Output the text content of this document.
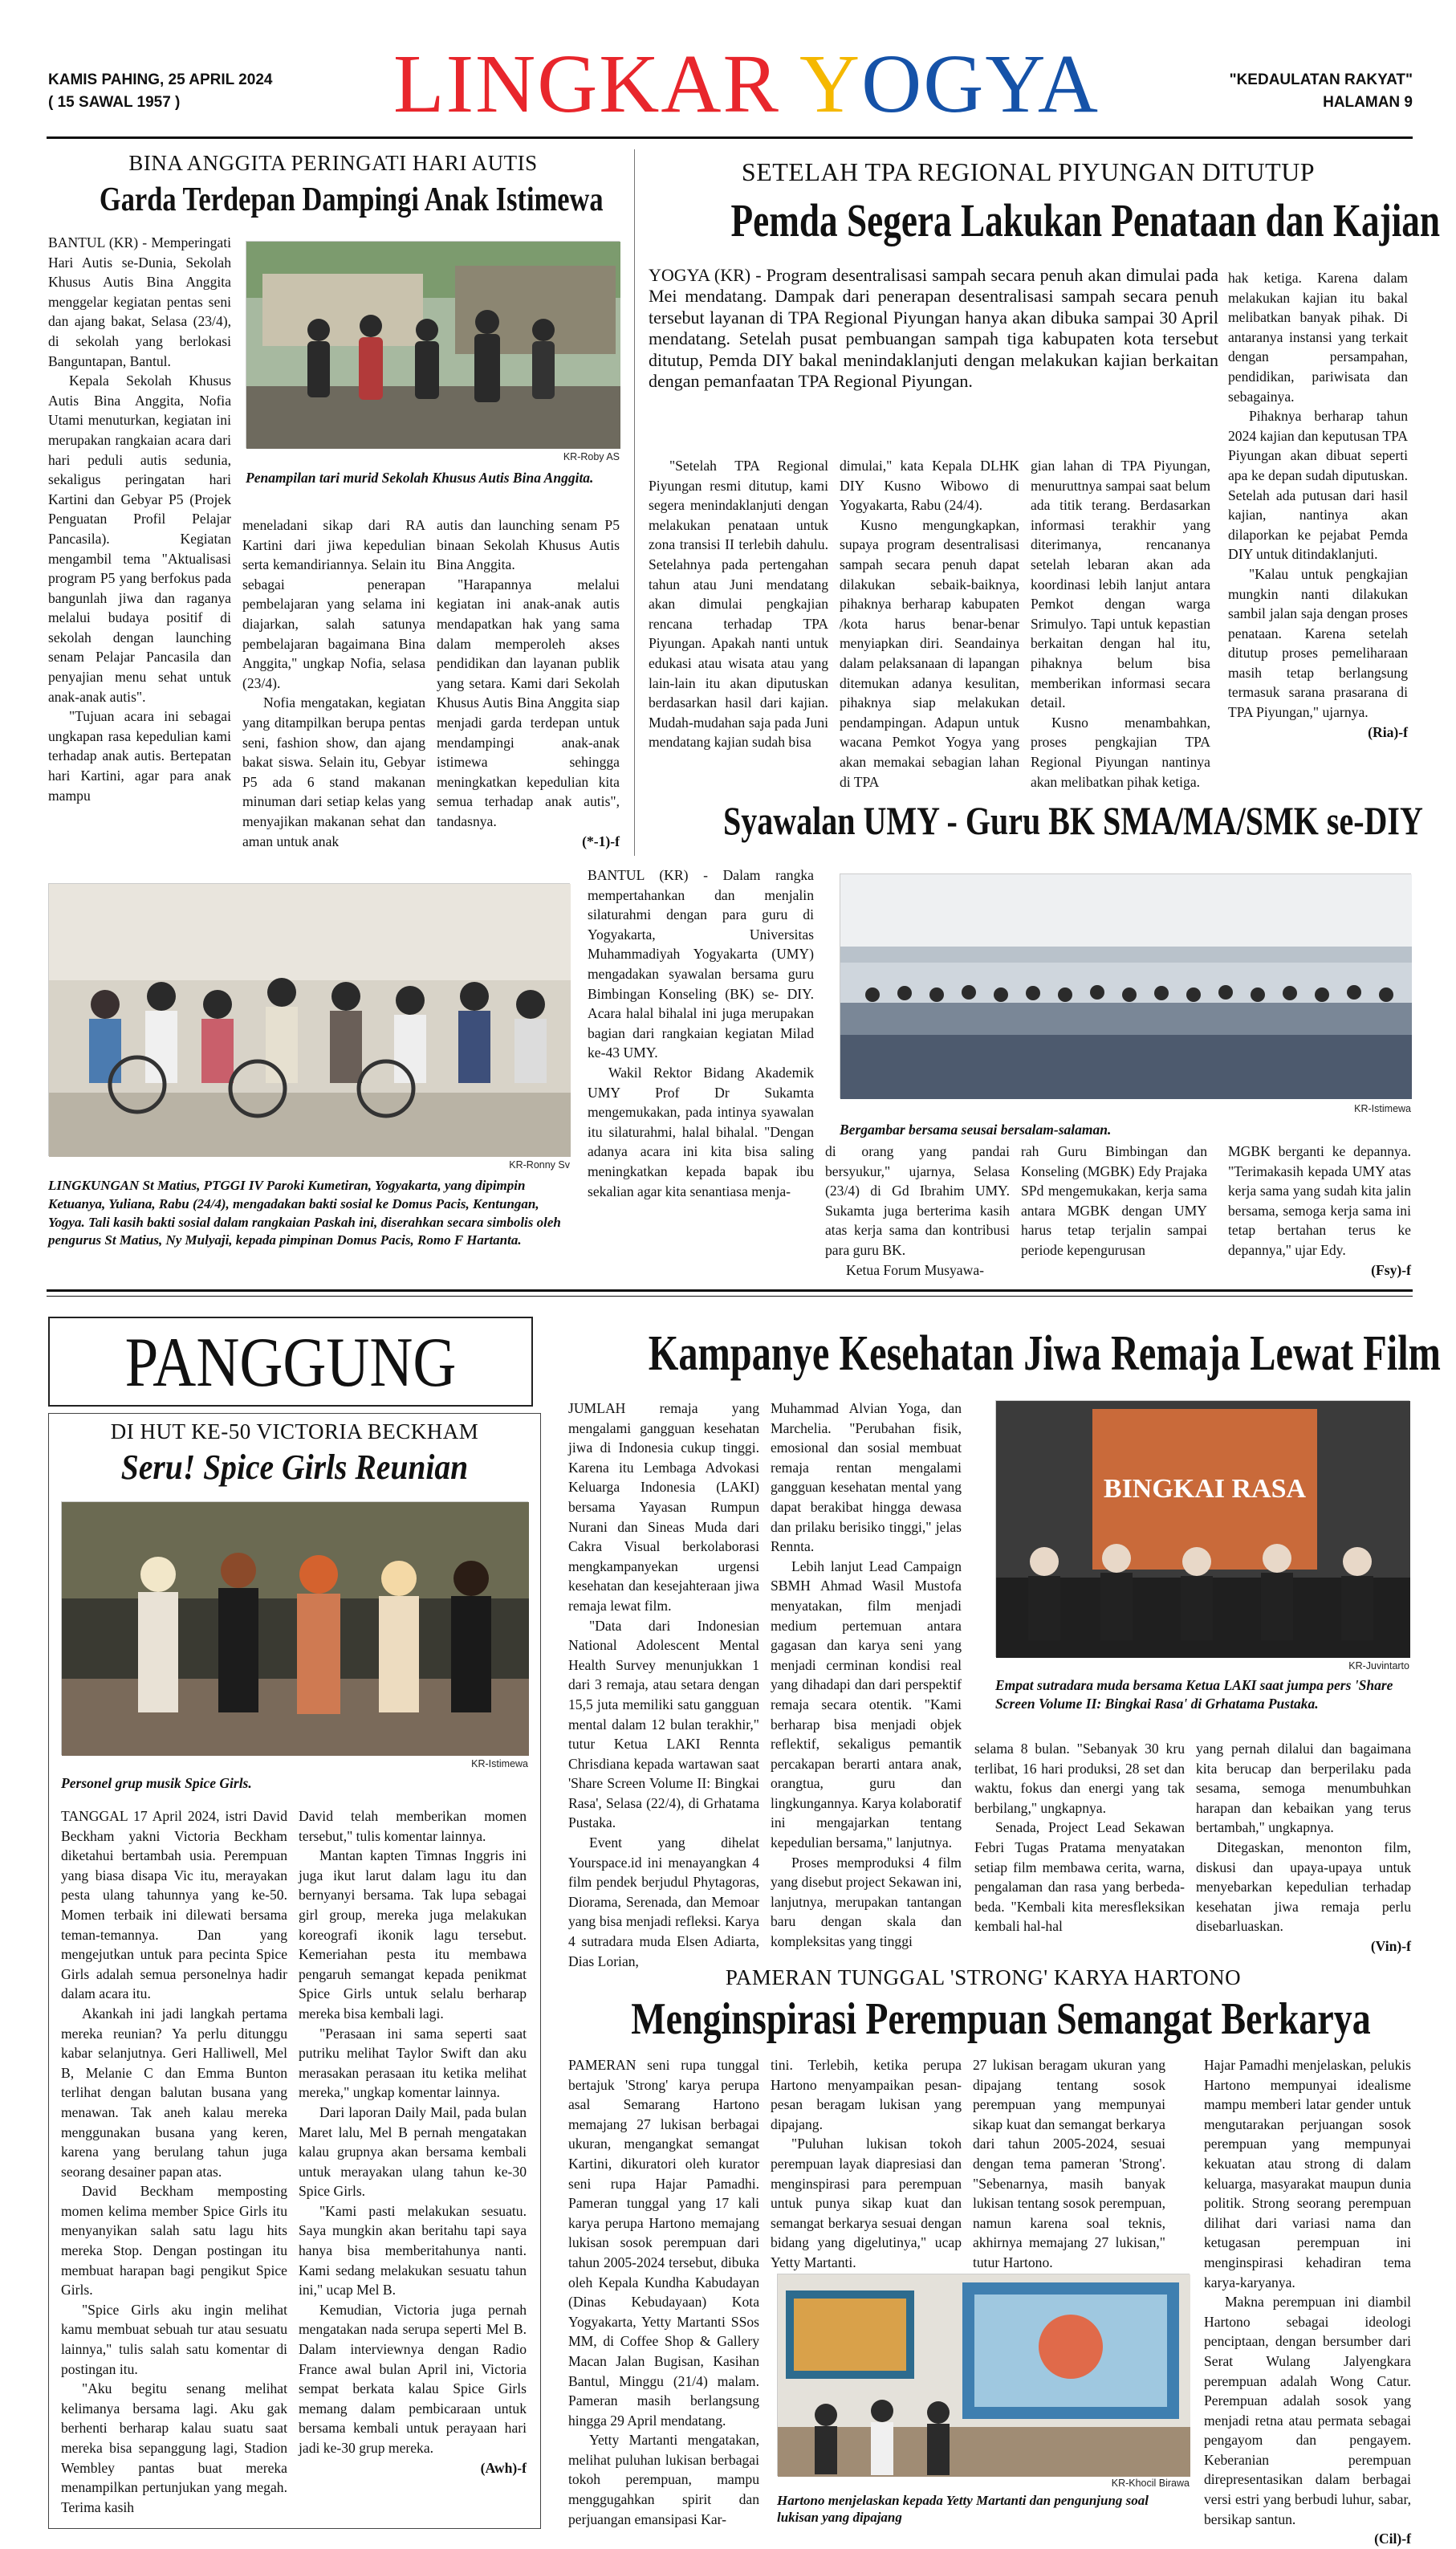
KAMIS PAHING, 25 APRIL 2024
( 15 SAWAL 1957 )	LINGKAR YOGYA	"KEDAULATAN RAKYAT"
HALAMAN 9
BINA ANGGITA PERINGATI HARI AUTIS
Garda Terdepan Dampingi Anak Istimewa

BANTUL (KR) - Memperingati Hari Autis se-Dunia, Sekolah Khusus Autis Bina Anggita menggelar kegiatan pentas seni dan ajang bakat, Selasa (23/4), di sekolah yang berlokasi Banguntapan, Bantul.

Kepala Sekolah Khusus Autis Bina Anggita, Nofia Utami menuturkan, kegiatan ini merupakan rangkaian acara dari hari peduli autis sedunia, sekaligus peringatan hari Kartini dan Gebyar P5 (Projek Penguatan Profil Pelajar Pancasila). Kegiatan mengambil tema "Aktualisasi program P5 yang berfokus pada bangunlah jiwa dan raganya melalui budaya positif di sekolah dengan launching senam Pelajar Pancasila dan penyajian menu sehat untuk anak-anak autis".

"Tujuan acara ini sebagai ungkapan rasa kepedulian kami terhadap anak autis. Bertepatan hari Kartini, agar para anak mampu

KR-Roby AS
Penampilan tari murid Sekolah Khusus Autis Bina Anggita.

meneladani sikap dari RA Kartini dari jiwa kepedulian serta kemandiriannya. Selain itu sebagai penerapan pembelajaran yang selama ini diajarkan, salah satunya pembelajaran bagaimana Bina Anggita," ungkap Nofia, selasa (23/4).

Nofia mengatakan, kegiatan yang ditampilkan berupa pentas seni, fashion show, dan ajang bakat siswa. Selain itu, Gebyar P5 ada 6 stand makanan minuman dari setiap kelas yang menyajikan makanan sehat dan aman untuk anak

autis dan launching senam P5 binaan Sekolah Khusus Autis Bina Anggita.

"Harapannya melalui kegiatan ini anak-anak autis mendapatkan hak yang sama dalam memperoleh akses pendidikan dan layanan publik yang setara. Kami dari Sekolah Khusus Autis Bina Anggita siap menjadi garda terdepan untuk mendampingi anak-anak istimewa sehingga meningkatkan kepedulian kita semua terhadap anak autis", tandasnya.

(*-1)-f

SETELAH TPA REGIONAL PIYUNGAN DITUTUP
Pemda Segera Lakukan Penataan dan Kajian

YOGYA (KR) - Program desentralisasi sampah secara penuh akan dimulai pada Mei mendatang. Dampak dari penerapan desentralisasi sampah secara penuh tersebut layanan di TPA Regional Piyungan hanya akan dibuka sampai 30 April mendatang. Setelah pusat pembuangan sampah tiga kabupaten kota tersebut ditutup, Pemda DIY bakal menindaklanjuti dengan melakukan kajian berkaitan dengan pemanfaatan TPA Regional Piyungan.

"Setelah TPA Regional Piyungan resmi ditutup, kami segera menindaklanjuti dengan melakukan penataan untuk zona transisi II terlebih dahulu. Setelahnya pada pertengahan tahun atau Juni mendatang akan dimulai pengkajian rencana terhadap TPA Piyungan. Apakah nanti untuk edukasi atau wisata atau yang lain-lain itu akan diputuskan berdasarkan hasil dari kajian. Mudah-mudahan saja pada Juni mendatang kajian sudah bisa

dimulai," kata Kepala DLHK DIY Kusno Wibowo di Yogyakarta, Rabu (24/4).

Kusno mengungkapkan, supaya program desentralisasi sampah secara penuh dapat dilakukan sebaik-baiknya, pihaknya berharap kabupaten /kota harus benar-benar menyiapkan diri. Seandainya dalam pelaksanaan di lapangan ditemukan adanya kesulitan, pihaknya siap melakukan pendampingan. Adapun untuk wacana Pemkot Yogya yang akan memakai sebagian lahan di TPA

gian lahan di TPA Piyungan, menuruttnya sampai saat belum ada titik terang. Berdasarkan informasi terakhir yang diterimanya, rencananya setelah lebaran akan ada koordinasi lebih lanjut antara Pemkot dengan warga Srimulyo. Tapi untuk kepastian berkaitan dengan hal itu, pihaknya belum bisa memberikan informasi secara detail.

Kusno menambahkan, proses pengkajian TPA Regional Piyungan nantinya akan melibatkan pihak ketiga.

hak ketiga. Karena dalam melakukan kajian itu bakal melibatkan banyak pihak. Di antaranya instansi yang terkait dengan persampahan, pendidikan, pariwisata dan sebagainya.

Pihaknya berharap tahun 2024 kajian dan keputusan TPA Piyungan akan dibuat seperti apa ke depan sudah diputuskan. Setelah ada putusan dari hasil kajian, nantinya akan dilaporkan ke pejabat Pemda DIY untuk ditindaklanjuti.

"Kalau untuk pengkajian mungkin nanti dilakukan sambil jalan saja dengan proses penataan. Karena setelah ditutup proses pemeliharaan masih tetap berlangsung termasuk sarana prasarana di TPA Piyungan," ujarnya.

(Ria)-f

Syawalan UMY - Guru BK SMA/MA/SMK se-DIY
KR-Ronny Sv
LINGKUNGAN St Matius, PTGGI IV Paroki Kumetiran, Yogyakarta, yang dipimpin Ketuanya, Yuliana, Rabu (24/4), mengadakan bakti sosial ke Domus Pacis, Kentungan, Yogya. Tali kasih bakti sosial dalam rangkaian Paskah ini, diserahkan secara simbolis oleh pengurus St Matius, Ny Mulyaji, kepada pimpinan Domus Pacis, Romo F Hartanta.

BANTUL (KR) - Dalam rangka mempertahankan dan menjalin silaturahmi dengan para guru di Yogyakarta, Universitas Muhammadiyah Yogyakarta (UMY) mengadakan syawalan bersama guru Bimbingan Konseling (BK) se- DIY. Acara halal bihalal ini juga merupakan bagian dari rangkaian kegiatan Milad ke-43 UMY.

Wakil Rektor Bidang Akademik UMY Prof Dr Sukamta mengemukakan, pada intinya syawalan itu silaturahmi, halal bihalal. "Dengan adanya acara ini kita bisa saling meningkatkan kepada bapak ibu sekalian agar kita senantiasa menja-

KR-Istimewa
Bergambar bersama seusai bersalam-salaman.

di orang yang pandai bersyukur," ujarnya, Selasa (23/4) di Gd Ibrahim UMY. Sukamta juga berterima kasih atas kerja sama dan kontribusi para guru BK.

Ketua Forum Musyawa-

rah Guru Bimbingan dan Konseling (MGBK) Edy Prajaka SPd mengemukakan, kerja sama antara MGBK dengan UMY harus tetap terjalin sampai periode kepengurusan

MGBK berganti ke depannya. "Terimakasih kepada UMY atas kerja sama yang sudah kita jalin bersama, semoga kerja sama ini tetap bertahan terus ke depannya," ujar Edy.

(Fsy)-f

PANGGUNG
DI HUT KE-50 VICTORIA BECKHAM
Seru! Spice Girls Reunian
KR-Istimewa
Personel grup musik Spice Girls.

TANGGAL 17 April 2024, istri David Beckham yakni Victoria Beckham diketahui bertambah usia. Perempuan yang biasa disapa Vic itu, merayakan pesta ulang tahunnya yang ke-50. Momen terbaik ini dilewati bersama teman-temannya. Dan yang mengejutkan untuk para pecinta Spice Girls adalah semua personelnya hadir dalam acara itu.

Akankah ini jadi langkah pertama mereka reunian? Ya perlu ditunggu kabar selanjutnya. Geri Halliwell, Mel B, Melanie C dan Emma Bunton terlihat dengan balutan busana yang menawan. Tak aneh kalau mereka menggunakan busana yang keren, karena yang berulang tahun juga seorang desainer papan atas.

David Beckham memposting momen kelima member Spice Girls itu menyanyikan salah satu lagu hits mereka Stop. Dengan postingan itu membuat harapan bagi pengikut Spice Girls.

"Spice Girls aku ingin melihat kamu membuat sebuah tur atau sesuatu lainnya," tulis salah satu komentar di postingan itu.

"Aku begitu senang melihat kelimanya bersama lagi. Aku gak berhenti berharap kalau suatu saat mereka bisa sepanggung lagi, Stadion Wembley pantas buat mereka menampilkan pertunjukan yang megah. Terima kasih

David telah memberikan momen tersebut," tulis komentar lainnya.

Mantan kapten Timnas Inggris ini juga ikut larut dalam lagu itu dan bernyanyi bersama. Tak lupa sebagai girl group, mereka juga melakukan koreografi ikonik lagu tersebut. Kemeriahan pesta itu membawa pengaruh semangat kepada penikmat Spice Girls untuk selalu berharap mereka bisa kembali lagi.

"Perasaan ini sama seperti saat putriku melihat Taylor Swift dan aku merasakan perasaan itu ketika melihat mereka," ungkap komentar lainnya.

Dari laporan Daily Mail, pada bulan Maret lalu, Mel B pernah mengatakan kalau grupnya akan bersama kembali untuk merayakan ulang tahun ke-30 Spice Girls.

"Kami pasti melakukan sesuatu. Saya mungkin akan beritahu tapi saya hanya bisa memberitahunya nanti. Kami sedang melakukan sesuatu tahun ini," ucap Mel B.

Kemudian, Victoria juga pernah mengatakan nada serupa seperti Mel B. Dalam interviewnya dengan Radio France awal bulan April ini, Victoria sempat berkata kalau Spice Girls memang dalam pembicaraan untuk bersama kembali untuk perayaan hari jadi ke-30 grup mereka.

(Awh)-f

Kampanye Kesehatan Jiwa Remaja Lewat Film

JUMLAH remaja yang mengalami gangguan kesehatan jiwa di Indonesia cukup tinggi. Karena itu Lembaga Advokasi Keluarga Indonesia (LAKI) bersama Yayasan Rumpun Nurani dan Sineas Muda dari Cakra Visual berkolaborasi mengkampanyekan urgensi kesehatan dan kesejahteraan jiwa remaja lewat film.

"Data dari Indonesian National Adolescent Mental Health Survey menunjukkan 1 dari 3 remaja, atau setara dengan 15,5 juta memiliki satu gangguan mental dalam 12 bulan terakhir," tutur Ketua LAKI Rennta Chrisdiana kepada wartawan saat 'Share Screen Volume II: Bingkai Rasa', Selasa (22/4), di Grhatama Pustaka.

Event yang dihelat Yourspace.id ini menayangkan 4 film pendek berjudul Phytagoras, Diorama, Serenada, dan Memoar yang bisa menjadi refleksi. Karya 4 sutradara muda Elsen Adiarta, Dias Lorian,

Muhammad Alvian Yoga, dan Marchelia. "Perubahan fisik, emosional dan sosial membuat remaja rentan mengalami gangguan kesehatan mental yang dapat berakibat hingga dewasa dan prilaku berisiko tinggi," jelas Rennta.

Lebih lanjut Lead Campaign SBMH Ahmad Wasil Mustofa menyatakan, film menjadi medium pertemuan antara gagasan dan karya seni yang menjadi cerminan kondisi real yang dihadapi dan dari perspektif remaja secara otentik. "Kami berharap bisa menjadi objek reflektif, sekaligus pemantik percakapan berarti antara anak, orangtua, guru dan lingkungannya. Karya kolaboratif ini mengajarkan tentang kepedulian bersama," lanjutnya.

Proses memproduksi 4 film yang disebut project Sekawan ini, lanjutnya, merupakan tantangan baru dengan skala dan kompleksitas yang tinggi

BINGKAI RASA
KR-Juvintarto
Empat sutradara muda bersama Ketua LAKI saat jumpa pers 'Share Screen Volume II: Bingkai Rasa' di Grhatama Pustaka.

selama 8 bulan. "Sebanyak 30 kru terlibat, 16 hari produksi, 28 set dan waktu, fokus dan energi yang tak berbilang," ungkapnya.

Senada, Project Lead Sekawan Febri Tugas Pratama menyatakan setiap film membawa cerita, warna, pengalaman dan rasa yang berbeda-beda. "Kembali kita meresfleksikan kembali hal-hal

yang pernah dilalui dan bagaimana kita berucap dan berperilaku pada sesama, semoga menumbuhkan harapan dan kebaikan yang terus bertambah," ungkapnya.

Ditegaskan, menonton film, diskusi dan upaya-upaya untuk menyebarkan kepedulian terhadap kesehatan jiwa remaja perlu disebarluaskan.

(Vin)-f

PAMERAN TUNGGAL 'STRONG' KARYA HARTONO
Menginspirasi Perempuan Semangat Berkarya

PAMERAN seni rupa tunggal bertajuk 'Strong' karya perupa asal Semarang Hartono memajang 27 lukisan berbagai ukuran, mengangkat semangat Kartini, dikuratori oleh kurator seni rupa Hajar Pamadhi. Pameran tunggal yang 17 kali karya perupa Hartono memajang lukisan sosok perempuan dari tahun 2005-2024 tersebut, dibuka oleh Kepala Kundha Kabudayan (Dinas Kebudayaan) Kota Yogyakarta, Yetty Martanti SSos MM, di Coffee Shop & Gallery Macan Jalan Bugisan, Kasihan Bantul, Minggu (21/4) malam. Pameran masih berlangsung hingga 29 April mendatang.

Yetty Martanti mengatakan, melihat puluhan lukisan berbagai tokoh perempuan, mampu menggugahkan spirit dan perjuangan emansipasi Kar-

tini. Terlebih, ketika perupa Hartono menyampaikan pesan-pesan beragam lukisan yang dipajang.

"Puluhan lukisan tokoh perempuan layak diapresiasi dan menginspirasi para perempuan untuk punya sikap kuat dan semangat berkarya sesuai dengan bidang yang digelutinya," ucap Yetty Martanti.

27 lukisan beragam ukuran yang dipajang tentang sosok perempuan yang mempunyai sikap kuat dan semangat berkarya dari tahun 2005-2024, sesuai dengan tema pameran 'Strong'. "Sebenarnya, masih banyak lukisan tentang sosok perempuan, namun karena soal teknis, akhirnya memajang 27 lukisan," tutur Hartono.

Hajar Pamadhi menjelaskan, pelukis Hartono mempunyai idealisme mampu memberi latar gender untuk mengutarakan perjuangan sosok perempuan yang mempunyai kekuatan atau strong di dalam keluarga, masyarakat maupun dunia politik. Strong seorang perempuan dilihat dari variasi nama dan ketugasan perempuan ini menginspirasi kehadiran tema karya-karyanya.

Makna perempuan ini diambil Hartono sebagai ideologi penciptaan, dengan bersumber dari Serat Wulang Jalyengkara perempuan adalah Wong Catur. Perempuan adalah sosok yang menjadi retna atau permata sebagai pengayom dan pengayem. Keberanian perempuan direpresentasikan dalam berbagai versi estri yang berbudi luhur, sabar, bersikap santun.

(Cil)-f

KR-Khocil Birawa
Hartono menjelaskan kepada Yetty Martanti dan pengunjung soal lukisan yang dipajang
